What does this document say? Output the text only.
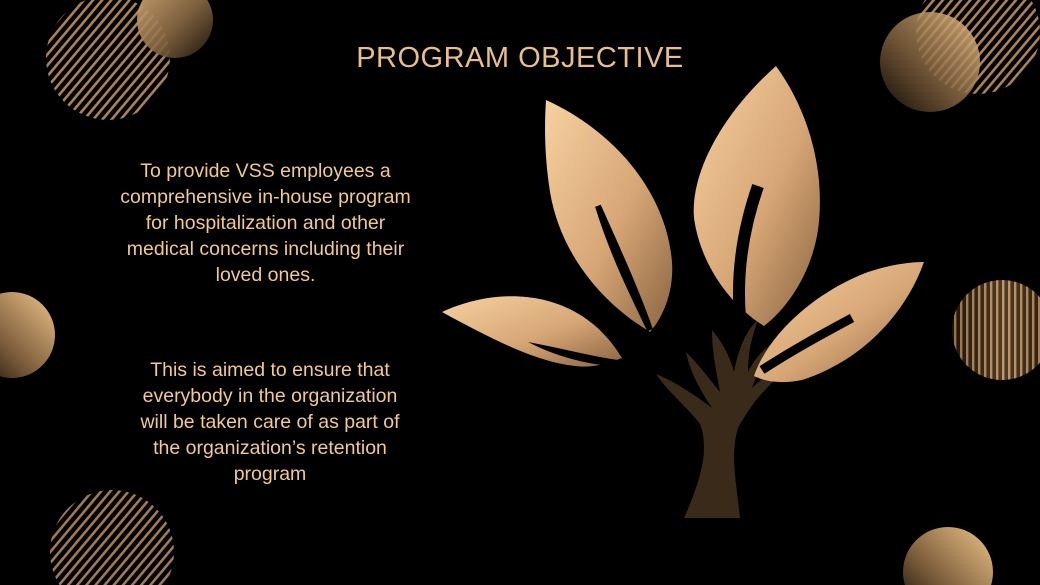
PROGRAM OBJECTIVE

To provide VSS employees a comprehensive in-house program for hospitalization and other medical concerns including their loved ones.

This is aimed to ensure that everybody in the organization will be taken care of as part of the organization’s retention program
